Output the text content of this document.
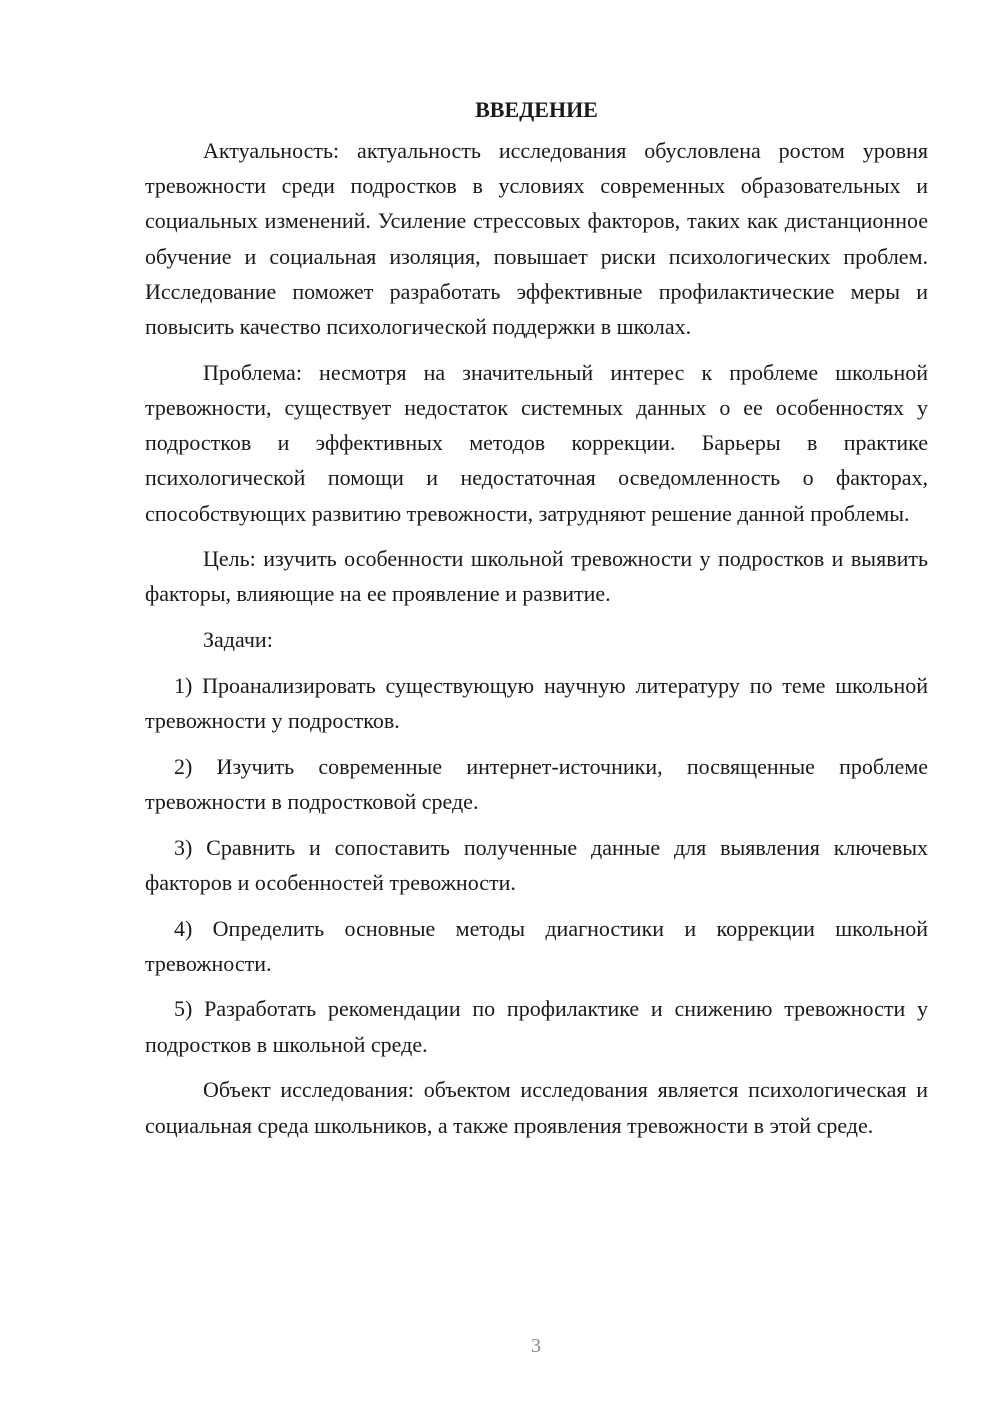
ВВЕДЕНИЕ

Актуальность: актуальность исследования обусловлена ростом уровня тревожности среди подростков в условиях современных образовательных и социальных изменений. Усиление стрессовых факторов, таких как дистанционное обучение и социальная изоляция, повышает риски психологических проблем. Исследование поможет разработать эффективные профилактические меры и повысить качество психологической поддержки в школах.

Проблема: несмотря на значительный интерес к проблеме школьной тревожности, существует недостаток системных данных о ее особенностях у подростков и эффективных методов коррекции. Барьеры в практике психологической помощи и недостаточная осведомленность о факторах, способствующих развитию тревожности, затрудняют решение данной проблемы.

Цель: изучить особенности школьной тревожности у подростков и выявить факторы, влияющие на ее проявление и развитие.

Задачи:

1) Проанализировать существующую научную литературу по теме школьной тревожности у подростков.

2) Изучить современные интернет-источники, посвященные проблеме тревожности в подростковой среде.

3) Сравнить и сопоставить полученные данные для выявления ключевых факторов и особенностей тревожности.

4) Определить основные методы диагностики и коррекции школьной тревожности.

5) Разработать рекомендации по профилактике и снижению тревожности у подростков в школьной среде.

Объект исследования: объектом исследования является психологическая и социальная среда школьников, а также проявления тревожности в этой среде.

3
